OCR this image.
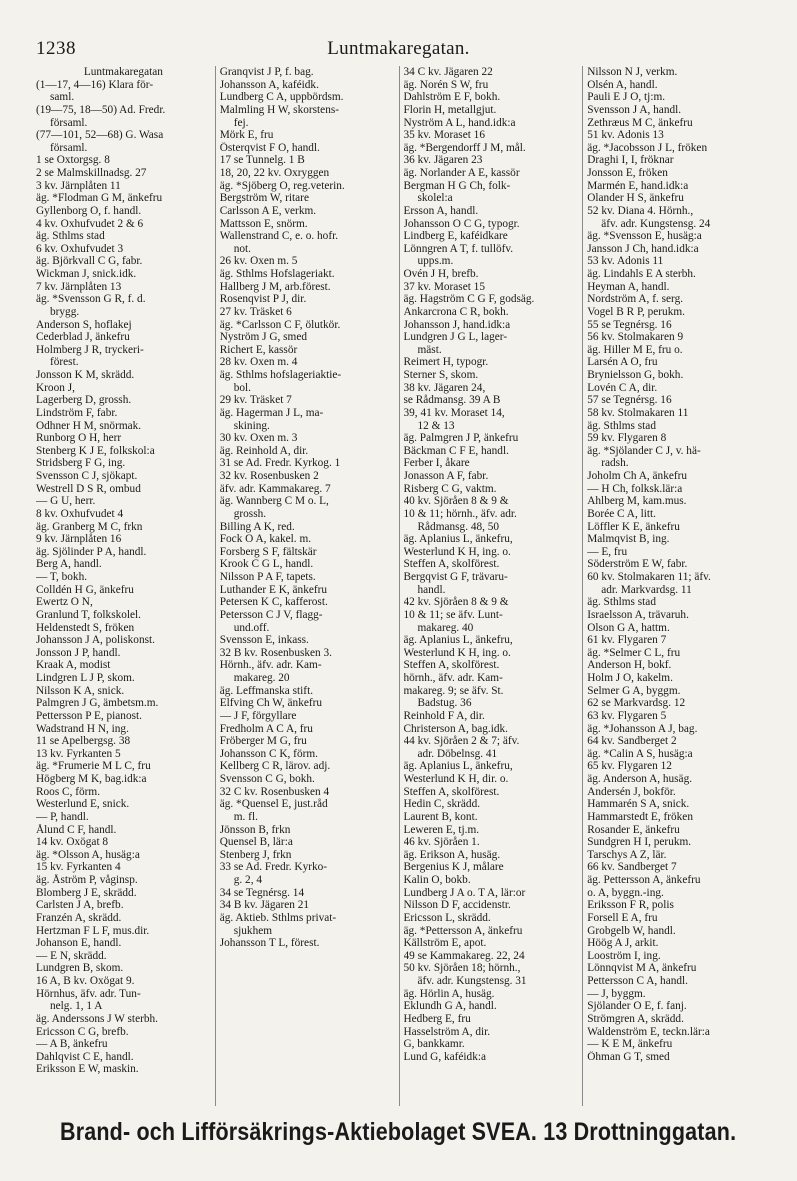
1238	Luntmakaregatan.
Luntmakaregatan
(1—17, 4—16) Klara för-
saml.
(19—75, 18—50) Ad. Fredr.
församl.
(77—101, 52—68) G. Wasa
församl.
1 se Oxtorgsg. 8
2 se Malmskillnadsg. 27
3 kv. Järnplåten 11
äg. *Flodman G M, änkefru
Gyllenborg O, f. handl.
4 kv. Oxhufvudet 2 & 6
äg. Sthlms stad
6 kv. Oxhufvudet 3
äg. Björkvall C G, fabr.
Wickman J, snick.idk.
7 kv. Järnplåten 13
äg. *Svensson G R, f. d.
brygg.
Anderson S, hoflakej
Cederblad J, änkefru
Holmberg J R, tryckeri-
förest.
Jonsson K M, skrädd.
Kroon J,
Lagerberg D, grossh.
Lindström F, fabr.
Odhner H M, snörmak.
Runborg O H, herr
Stenberg K J E, folkskol:a
Stridsberg F G, ing.
Svensson C J, sjökapt.
Westrell D S R, ombud
— G U, herr.
8 kv. Oxhufvudet 4
äg. Granberg M C, frkn
9 kv. Järnplåten 16
äg. Sjölinder P A, handl.
Berg A, handl.
— T, bokh.
Colldén H G, änkefru
Ewertz O N,
Granlund T, folkskolel.
Heldenstedt S, fröken
Johansson J A, poliskonst.
Jonsson J P, handl.
Kraak A, modist
Lindgren L J P, skom.
Nilsson K A, snick.
Palmgren J G, ämbetsm.m.
Pettersson P E, pianost.
Wadstrand H N, ing.
11 se Apelbergsg. 38
13 kv. Fyrkanten 5
äg. *Frumerie M L C, fru
Högberg M K, bag.idk:a
Roos C, förm.
Westerlund E, snick.
— P, handl.
Ålund C F, handl.
14 kv. Oxögat 8
äg. *Olsson A, husäg:a
15 kv. Fyrkanten 4
äg. Åström P, våginsp.
Blomberg J E, skrädd.
Carlsten J A, brefb.
Franzén A, skrädd.
Hertzman F L F, mus.dir.
Johanson E, handl.
— E N, skrädd.
Lundgren B, skom.
16 A, B kv. Oxögat 9.
Hörnhus, äfv. adr. Tun-
nelg. 1, 1 A
äg. Anderssons J W sterbh.
Ericsson C G, brefb.
— A B, änkefru
Dahlqvist C E, handl.
Eriksson E W, maskin.
Granqvist J P, f. bag.
Johansson A, kaféidk.
Lundberg C A, uppbördsm.
Malmling H W, skorstens-
fej.
Mörk E, fru
Österqvist F O, handl.
17 se Tunnelg. 1 B
18, 20, 22 kv. Oxryggen
äg. *Sjöberg O, reg.veterin.
Bergström W, ritare
Carlsson A E, verkm.
Mattsson E, snörm.
Wallenstrand C, e. o. hofr.
not.
26 kv. Oxen m. 5
äg. Sthlms Hofslageriakt.
Hallberg J M, arb.förest.
Rosenqvist P J, dir.
27 kv. Träsket 6
äg. *Carlsson C F, ölutkör.
Nyström J G, smed
Richert E, kassör
28 kv. Oxen m. 4
äg. Sthlms hofslageriaktie-
bol.
29 kv. Träsket 7
äg. Hagerman J L, ma-
skining.
30 kv. Oxen m. 3
äg. Reinhold A, dir.
31 se Ad. Fredr. Kyrkog. 1
32 kv. Rosenbusken 2
äfv. adr. Kammakareg. 7
äg. Wannberg C M o. L,
grossh.
Billing A K, red.
Fock O A, kakel. m.
Forsberg S F, fältskär
Krook C G L, handl.
Nilsson P A F, tapets.
Luthander E K, änkefru
Petersen K C, kafferost.
Petersson C J V, flagg-
und.off.
Svensson E, inkass.
32 B kv. Rosenbusken 3.
Hörnh., äfv. adr. Kam-
makareg. 20
äg. Leffmanska stift.
Elfving Ch W, änkefru
— J F, förgyllare
Fredholm A C A, fru
Fröberger M G, fru
Johansson C K, förm.
Kellberg C R, lärov. adj.
Svensson C G, bokh.
32 C kv. Rosenbusken 4
äg. *Quensel E, just.råd
m. fl.
Jönsson B, frkn
Quensel B, lär:a
Stenberg J, frkn
33 se Ad. Fredr. Kyrko-
g. 2, 4
34 se Tegnérsg. 14
34 B kv. Jägaren 21
äg. Aktieb. Sthlms privat-
sjukhem
Johansson T L, förest.
34 C kv. Jägaren 22
äg. Norén S W, fru
Dahlström E F, bokh.
Florin H, metallgjut.
Nyström A L, hand.idk:a
35 kv. Moraset 16
äg. *Bergendorff J M, mål.
36 kv. Jägaren 23
äg. Norlander A E, kassör
Bergman H G Ch, folk-
skolel:a
Ersson A, handl.
Johansson O C G, typogr.
Lindberg E, kaféidkare
Lönngren A T, f. tullöfv.
upps.m.
Ovén J H, brefb.
37 kv. Moraset 15
äg. Hagström C G F, godsäg.
Ankarcrona C R, bokh.
Johansson J, hand.idk:a
Lundgren J G L, lager-
mäst.
Reimert H, typogr.
Sterner S, skom.
38 kv. Jägaren 24,
se Rådmansg. 39 A B
39, 41 kv. Moraset 14,
12 & 13
äg. Palmgren J P, änkefru
Bäckman C F E, handl.
Ferber I, åkare
Jonasson A F, fabr.
Risberg C G, vaktm.
40 kv. Sjöråen 8 & 9 &
10 & 11; hörnh., äfv. adr.
Rådmansg. 48, 50
äg. Aplanius L, änkefru,
Westerlund K H, ing. o.
Steffen A, skolförest.
Bergqvist G F, trävaru-
handl.
42 kv. Sjöråen 8 & 9 &
10 & 11; se äfv. Lunt-
makareg. 40
äg. Aplanius L, änkefru,
Westerlund K H, ing. o.
Steffen A, skolförest.
hörnh., äfv. adr. Kam-
makareg. 9; se äfv. St.
Badstug. 36
Reinhold F A, dir.
Christerson A, bag.idk.
44 kv. Sjöråen 2 & 7; äfv.
adr. Döbelnsg. 41
äg. Aplanius L, änkefru,
Westerlund K H, dir. o.
Steffen A, skolförest.
Hedin C, skrädd.
Laurent B, kont.
Leweren E, tj.m.
46 kv. Sjöråen 1.
äg. Erikson A, husäg.
Bergenius K J, målare
Kalin O, bokb.
Lundberg J A o. T A, lär:or
Nilsson D F, accidenstr.
Ericsson L, skrädd.
äg. *Pettersson A, änkefru
Källström E, apot.
49 se Kammakareg. 22, 24
50 kv. Sjöråen 18; hörnh.,
äfv. adr. Kungstensg. 31
äg. Hörlin A, husäg.
Eklundh G A, handl.
Hedberg E, fru
Hasselström A, dir.
G, bankkamr.
Lund G, kaféidk:a
Nilsson N J, verkm.
Olsén A, handl.
Pauli E J O, tj:m.
Svensson J A, handl.
Zethræus M C, änkefru
51 kv. Adonis 13
äg. *Jacobsson J L, fröken
Draghi I, I, fröknar
Jonsson E, fröken
Marmén E, hand.idk:a
Olander H S, änkefru
52 kv. Diana 4. Hörnh.,
äfv. adr. Kungstensg. 24
äg. *Svensson E, husäg:a
Jansson J Ch, hand.idk:a
53 kv. Adonis 11
äg. Lindahls E A sterbh.
Heyman A, handl.
Nordström A, f. serg.
Vogel B R P, perukm.
55 se Tegnérsg. 16
56 kv. Stolmakaren 9
äg. Hiller M E, fru o.
Larsén A O, fru
Brynielsson G, bokh.
Lovén C A, dir.
57 se Tegnérsg. 16
58 kv. Stolmakaren 11
äg. Sthlms stad
59 kv. Flygaren 8
äg. *Sjölander C J, v. hä-
radsh.
Joholm Ch A, änkefru
— H Ch, folksk.lär:a
Ahlberg M, kam.mus.
Borée C A, litt.
Löffler K E, änkefru
Malmqvist B, ing.
— E, fru
Söderström E W, fabr.
60 kv. Stolmakaren 11; äfv.
adr. Markvardsg. 11
äg. Sthlms stad
Israelsson A, trävaruh.
Olson G A, hattm.
61 kv. Flygaren 7
äg. *Selmer C L, fru
Anderson H, bokf.
Holm J O, kakelm.
Selmer G A, byggm.
62 se Markvardsg. 12
63 kv. Flygaren 5
äg. *Johansson A J, bag.
64 kv. Sandberget 2
äg. *Calin A S, husäg:a
65 kv. Flygaren 12
äg. Anderson A, husäg.
Andersén J, bokför.
Hammarén S A, snick.
Hammarstedt E, fröken
Rosander E, änkefru
Sundgren H I, perukm.
Tarschys A Z, lär.
66 kv. Sandberget 7
äg. Pettersson A, änkefru
o. A, byggn.-ing.
Eriksson F R, polis
Forsell E A, fru
Grobgelb W, handl.
Höög A J, arkit.
Looström I, ing.
Lönnqvist M A, änkefru
Pettersson C A, handl.
— J, byggm.
Sjölander O E, f. fanj.
Strömgren A, skrädd.
Waldenström E, teckn.lär:a
— K E M, änkefru
Öhman G T, smed
Brand- och Lifförsäkrings-Aktiebolaget SVEA. 13 Drottninggatan.
